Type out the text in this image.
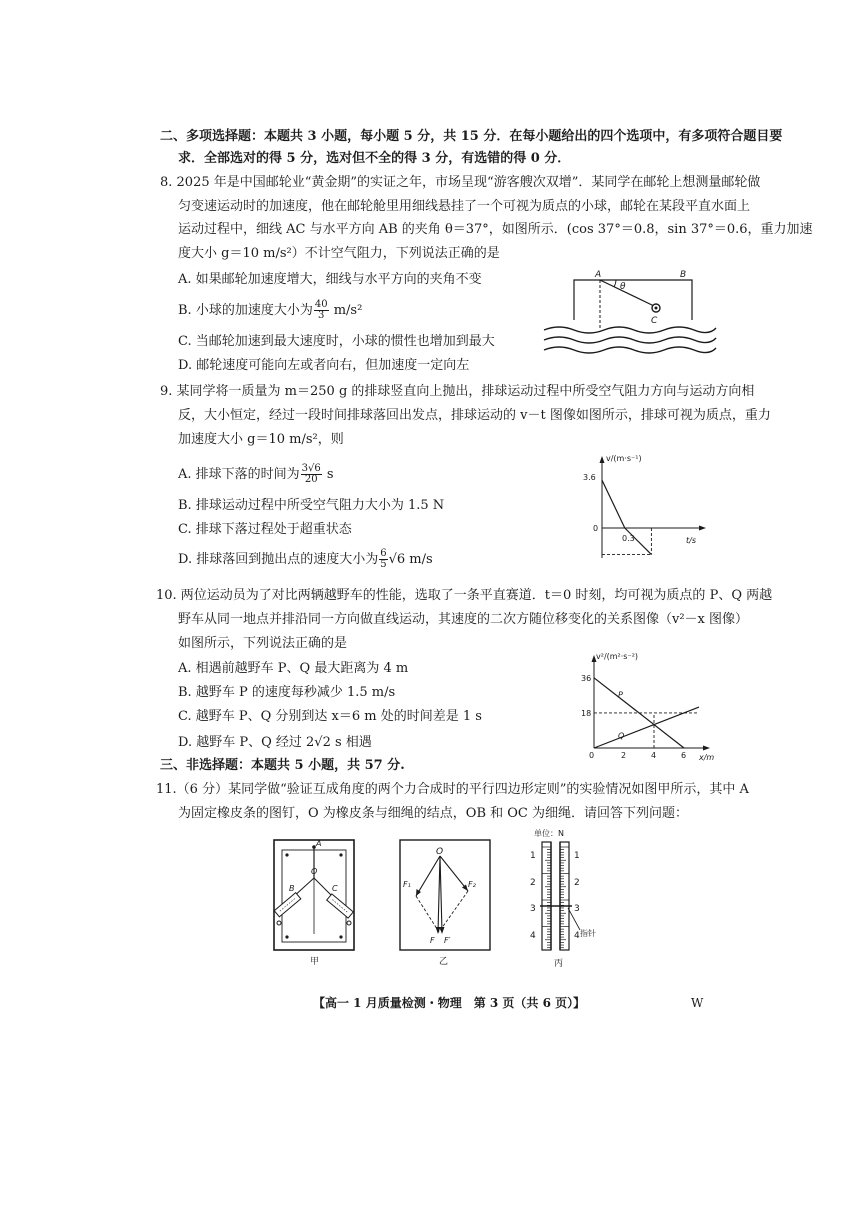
二、多项选择题：本题共 3 小题，每小题 5 分，共 15 分．在每小题给出的四个选项中，有多项符合题目要
求．全部选对的得 5 分，选对但不全的得 3 分，有选错的得 0 分．
8. 2025 年是中国邮轮业“黄金期”的实证之年，市场呈现“游客艘次双增”．某同学在邮轮上想测量邮轮做
匀变速运动时的加速度，他在邮轮舱里用细线悬挂了一个可视为质点的小球，邮轮在某段平直水面上
运动过程中，细线 AC 与水平方向 AB 的夹角 θ＝37°，如图所示．(cos 37°＝0.8，sin 37°＝0.6，重力加速
度大小 g＝10 m/s²）不计空气阻力，下列说法正确的是
A. 如果邮轮加速度增大，细线与水平方向的夹角不变
B. 小球的加速度大小为 $\frac{40}{3} m/s^2$
C. 当邮轮加速到最大速度时，小球的惯性也增加到最大
D. 邮轮速度可能向左或者向右，但加速度一定向左
A	B
θ
C
9. 某同学将一质量为 m＝250 g 的排球竖直向上抛出，排球运动过程中所受空气阻力方向与运动方向相
反，大小恒定，经过一段时间排球落回出发点，排球运动的 v－t 图像如图所示，排球可视为质点，重力
加速度大小 g＝10 m/s²，则
A. 排球下落的时间为 $\frac{3√6}{20}$ s
B. 排球运动过程中所受空气阻力大小为 1.5 N
C. 排球下落过程处于超重状态
D. 排球落回到抛出点的速度大小为 $\frac{6}{5} √6$ m/s
v/(m·s⁻¹)
t/s
3.6
0
0.3
10. 两位运动员为了对比两辆越野车的性能，选取了一条平直赛道．t＝0 时刻，均可视为质点的 P、Q 两越
野车从同一地点并排沿同一方向做直线运动，其速度的二次方随位移变化的关系图像（v²－x 图像）
如图所示，下列说法正确的是
A. 相遇前越野车 P、Q 最大距离为 4 m
B. 越野车 P 的速度每秒减少 1.5 m/s
C. 越野车 P、Q 分别到达 x＝6 m 处的时间差是 1 s
D. 越野车 P、Q 经过 2√2 s 相遇
v²/(m²·s⁻²)
x/m
36
18
0	2	4	6
P
Q
三、非选择题：本题共 5 小题，共 57 分.
11.（6 分）某同学做“验证互成角度的两个力合成时的平行四边形定则”的实验情况如图甲所示，其中 A
为固定橡皮条的图钉，O 为橡皮条与细绳的结点，OB 和 OC 为细绳．请回答下列问题：
A
O
B	C
甲
O
F₁	F₂
F F′
乙
单位：N
1
2
3
4
1
2
3
4 指针
丙
【高一 1 月质量检测・物理　第 3 页（共 6 页）】	W
